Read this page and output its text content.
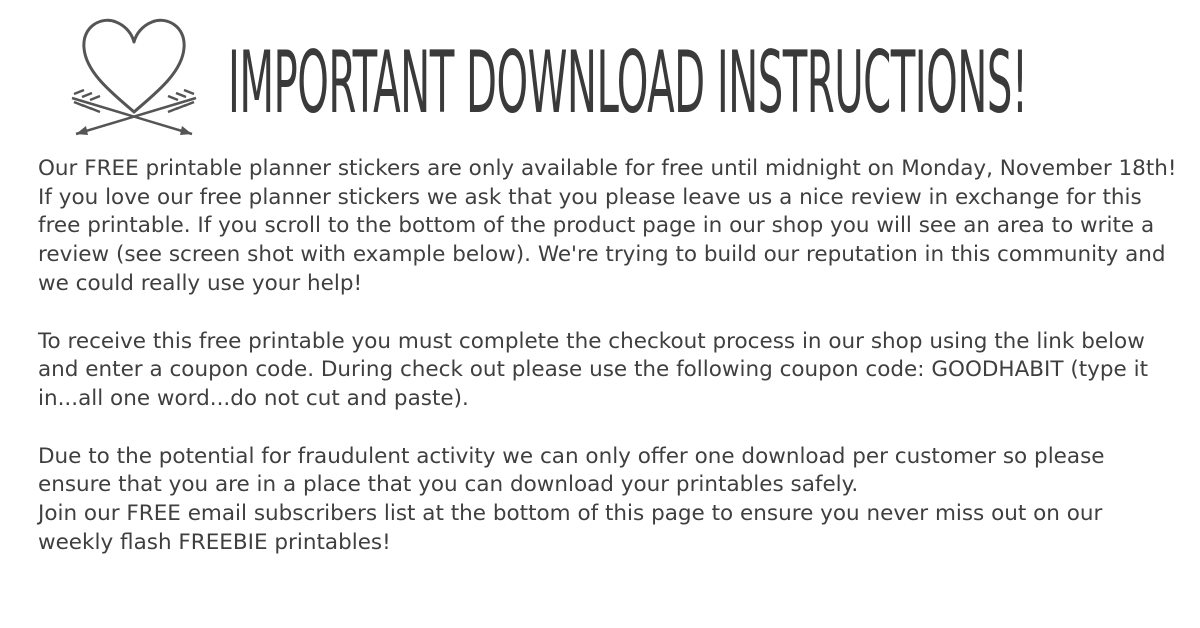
IMPORTANT DOWNLOAD INSTRUCTIONS!

Our FREE printable planner stickers are only available for free until midnight on Monday, November 18th! If you love our free planner stickers we ask that you please leave us a nice review in exchange for this free printable. If you scroll to the bottom of the product page in our shop you will see an area to write a review (see screen shot with example below). We're trying to build our reputation in this community and we could really use your help!

To receive this free printable you must complete the checkout process in our shop using the link below and enter a coupon code. During check out please use the following coupon code: GOODHABIT (type it in...all one word...do not cut and paste).

Due to the potential for fraudulent activity we can only offer one download per customer so please ensure that you are in a place that you can download your printables safely.

Join our FREE email subscribers list at the bottom of this page to ensure you never miss out on our weekly flash FREEBIE printables!
